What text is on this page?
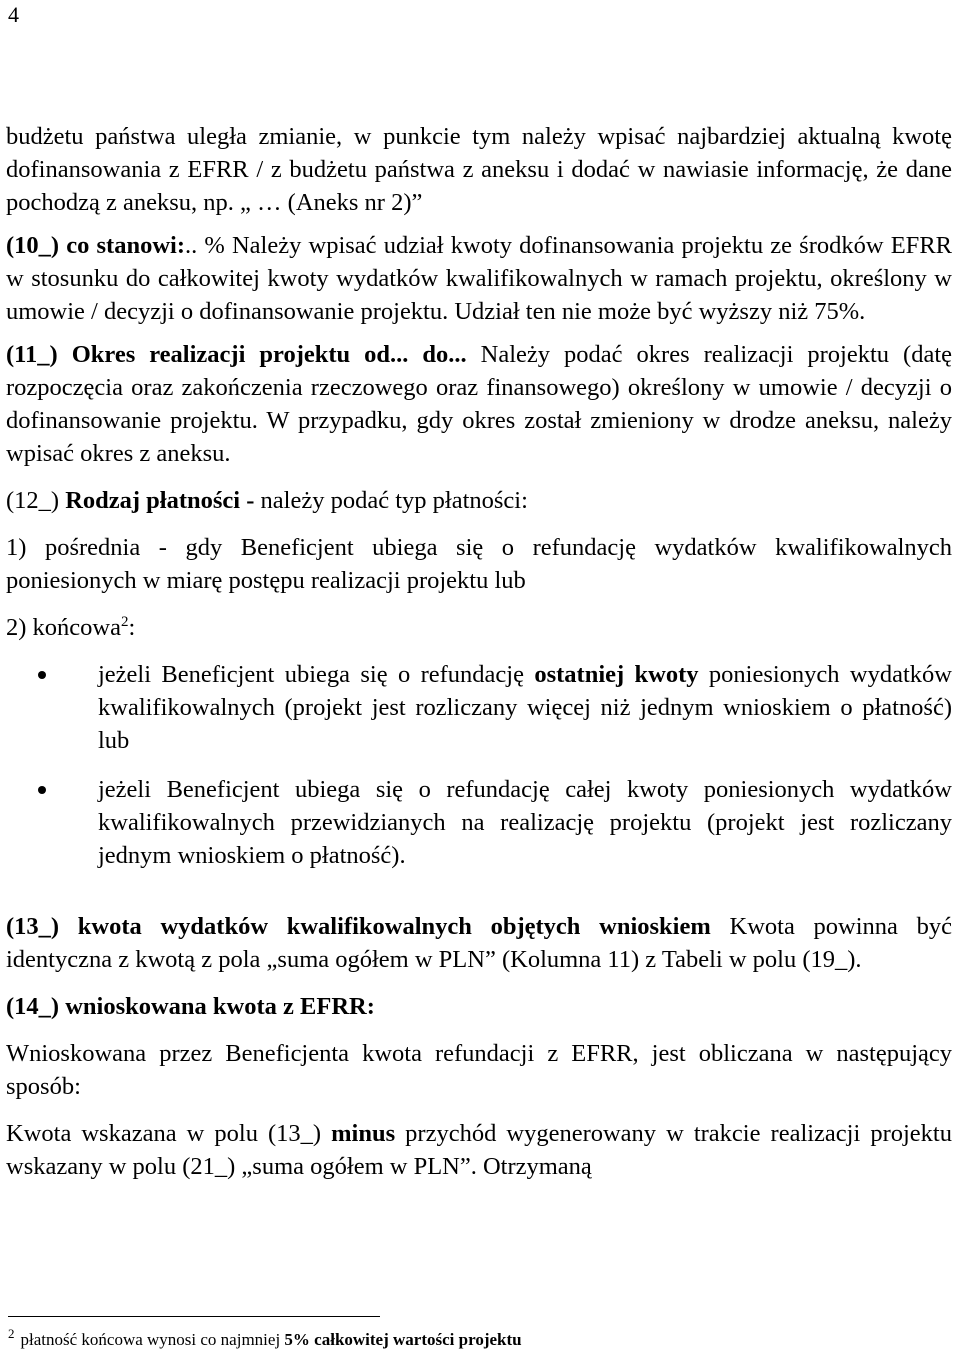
4

budżetu państwa uległa zmianie, w punkcie tym należy wpisać najbardziej aktualną kwotę dofinansowania z EFRR / z budżetu państwa z aneksu i dodać w nawiasie informację, że dane pochodzą z aneksu, np. „ … (Aneks nr 2)”

(10_) co stanowi:.. % Należy wpisać udział kwoty dofinansowania projektu ze środków EFRR w stosunku do całkowitej kwoty wydatków kwalifikowalnych w ramach projektu, określony w umowie / decyzji o dofinansowanie projektu. Udział ten nie może być wyższy niż 75%.

(11_) Okres realizacji projektu od... do... Należy podać okres realizacji projektu (datę rozpoczęcia oraz zakończenia rzeczowego oraz finansowego) określony w umowie / decyzji o dofinansowanie projektu. W przypadku, gdy okres został zmieniony w drodze aneksu, należy wpisać okres z aneksu.

(12_) Rodzaj płatności - należy podać typ płatności:

1) pośrednia - gdy Beneficjent ubiega się o refundację wydatków kwalifikowalnych poniesionych w miarę postępu realizacji projektu lub

2) końcowa$^2$:

jeżeli Beneficjent ubiega się o refundację ostatniej kwoty poniesionych wydatków kwalifikowalnych (projekt jest rozliczany więcej niż jednym wnioskiem o płatność) lub
jeżeli Beneficjent ubiega się o refundację całej kwoty poniesionych wydatków kwalifikowalnych przewidzianych na realizację projektu (projekt jest rozliczany jednym wnioskiem o płatność).

(13_) kwota wydatków kwalifikowalnych objętych wnioskiem Kwota powinna być identyczna z kwotą z pola „suma ogółem w PLN” (Kolumna 11) z Tabeli w polu (19_).

(14_) wnioskowana kwota z EFRR:

Wnioskowana przez Beneficjenta kwota refundacji z EFRR, jest obliczana w następujący sposób:

Kwota wskazana w polu (13_) minus przychód wygenerowany w trakcie realizacji projektu wskazany w polu (21_) „suma ogółem w PLN”. Otrzymaną

$^2$ płatność końcowa wynosi co najmniej 5% całkowitej wartości projektu
